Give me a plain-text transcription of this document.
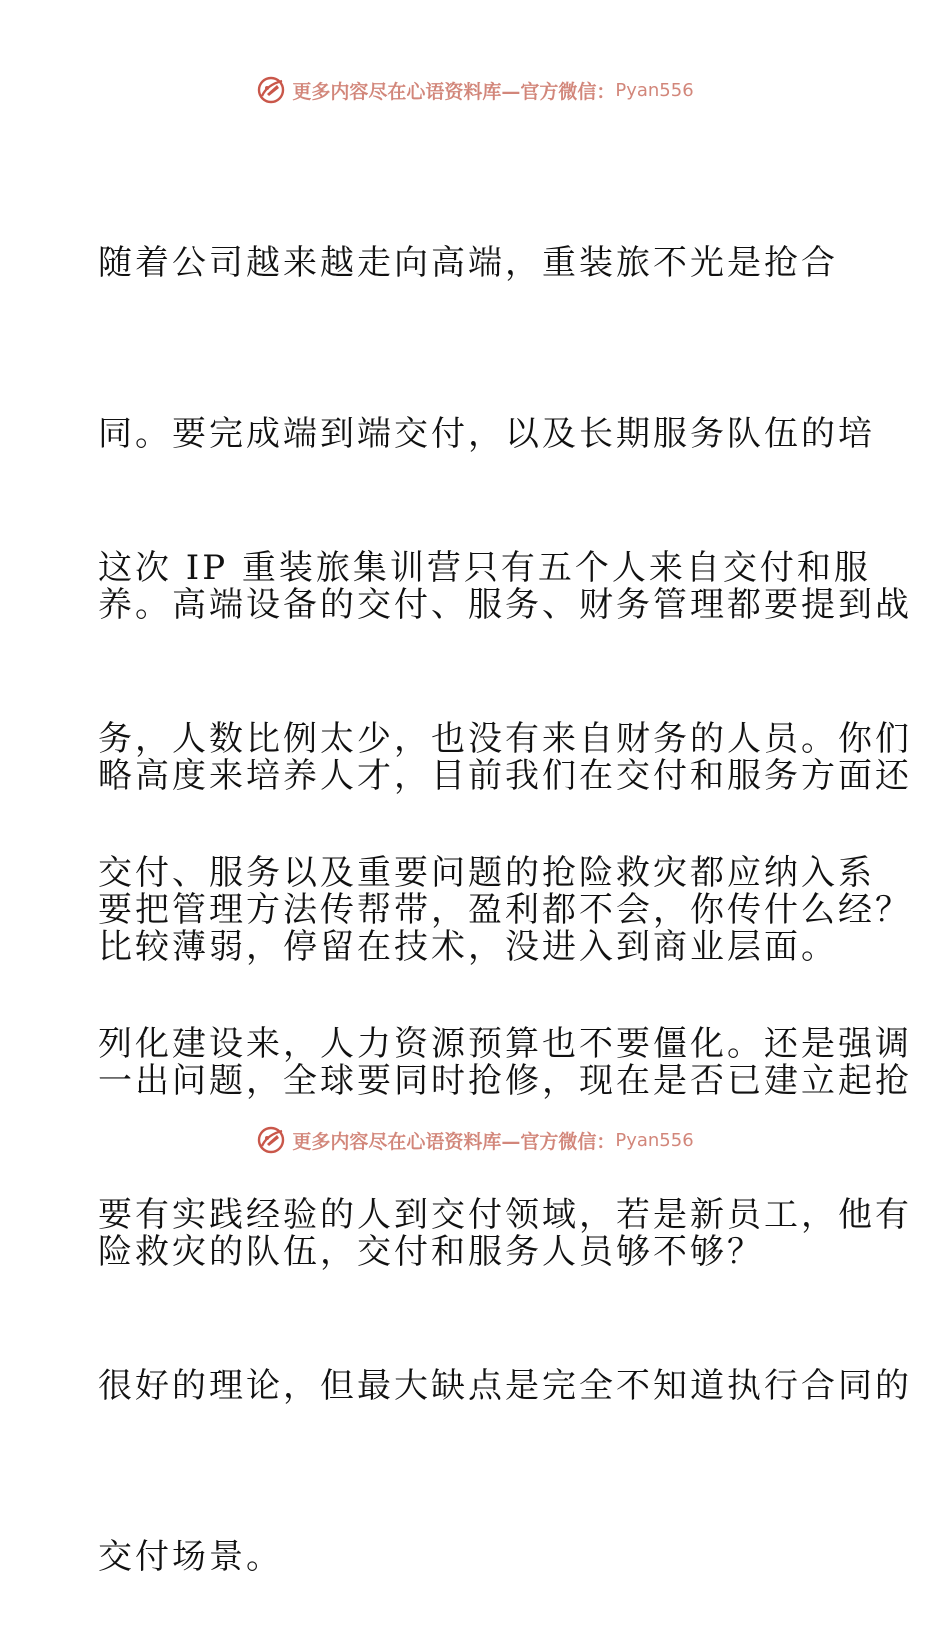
更多内容尽在心语资料库—官方微信： Pyan556

随着公司越来越走向高端，重装旅不光是抢合

同。要完成端到端交付，以及长期服务队伍的培

养。高端设备的交付、服务、财务管理都要提到战

略高度来培养人才，目前我们在交付和服务方面还

比较薄弱，停留在技术，没进入到商业层面。

这次 IP 重装旅集训营只有五个人来自交付和服

务，人数比例太少，也没有来自财务的人员。你们

要把管理方法传帮带，盈利都不会，你传什么经？

一出问题，全球要同时抢修，现在是否已建立起抢

险救灾的队伍，交付和服务人员够不够？

交付、服务以及重要问题的抢险救灾都应纳入系

列化建设来，人力资源预算也不要僵化。还是强调

要有实践经验的人到交付领域，若是新员工，他有

很好的理论，但最大缺点是完全不知道执行合同的

交付场景。

更多内容尽在心语资料库—官方微信： Pyan556
